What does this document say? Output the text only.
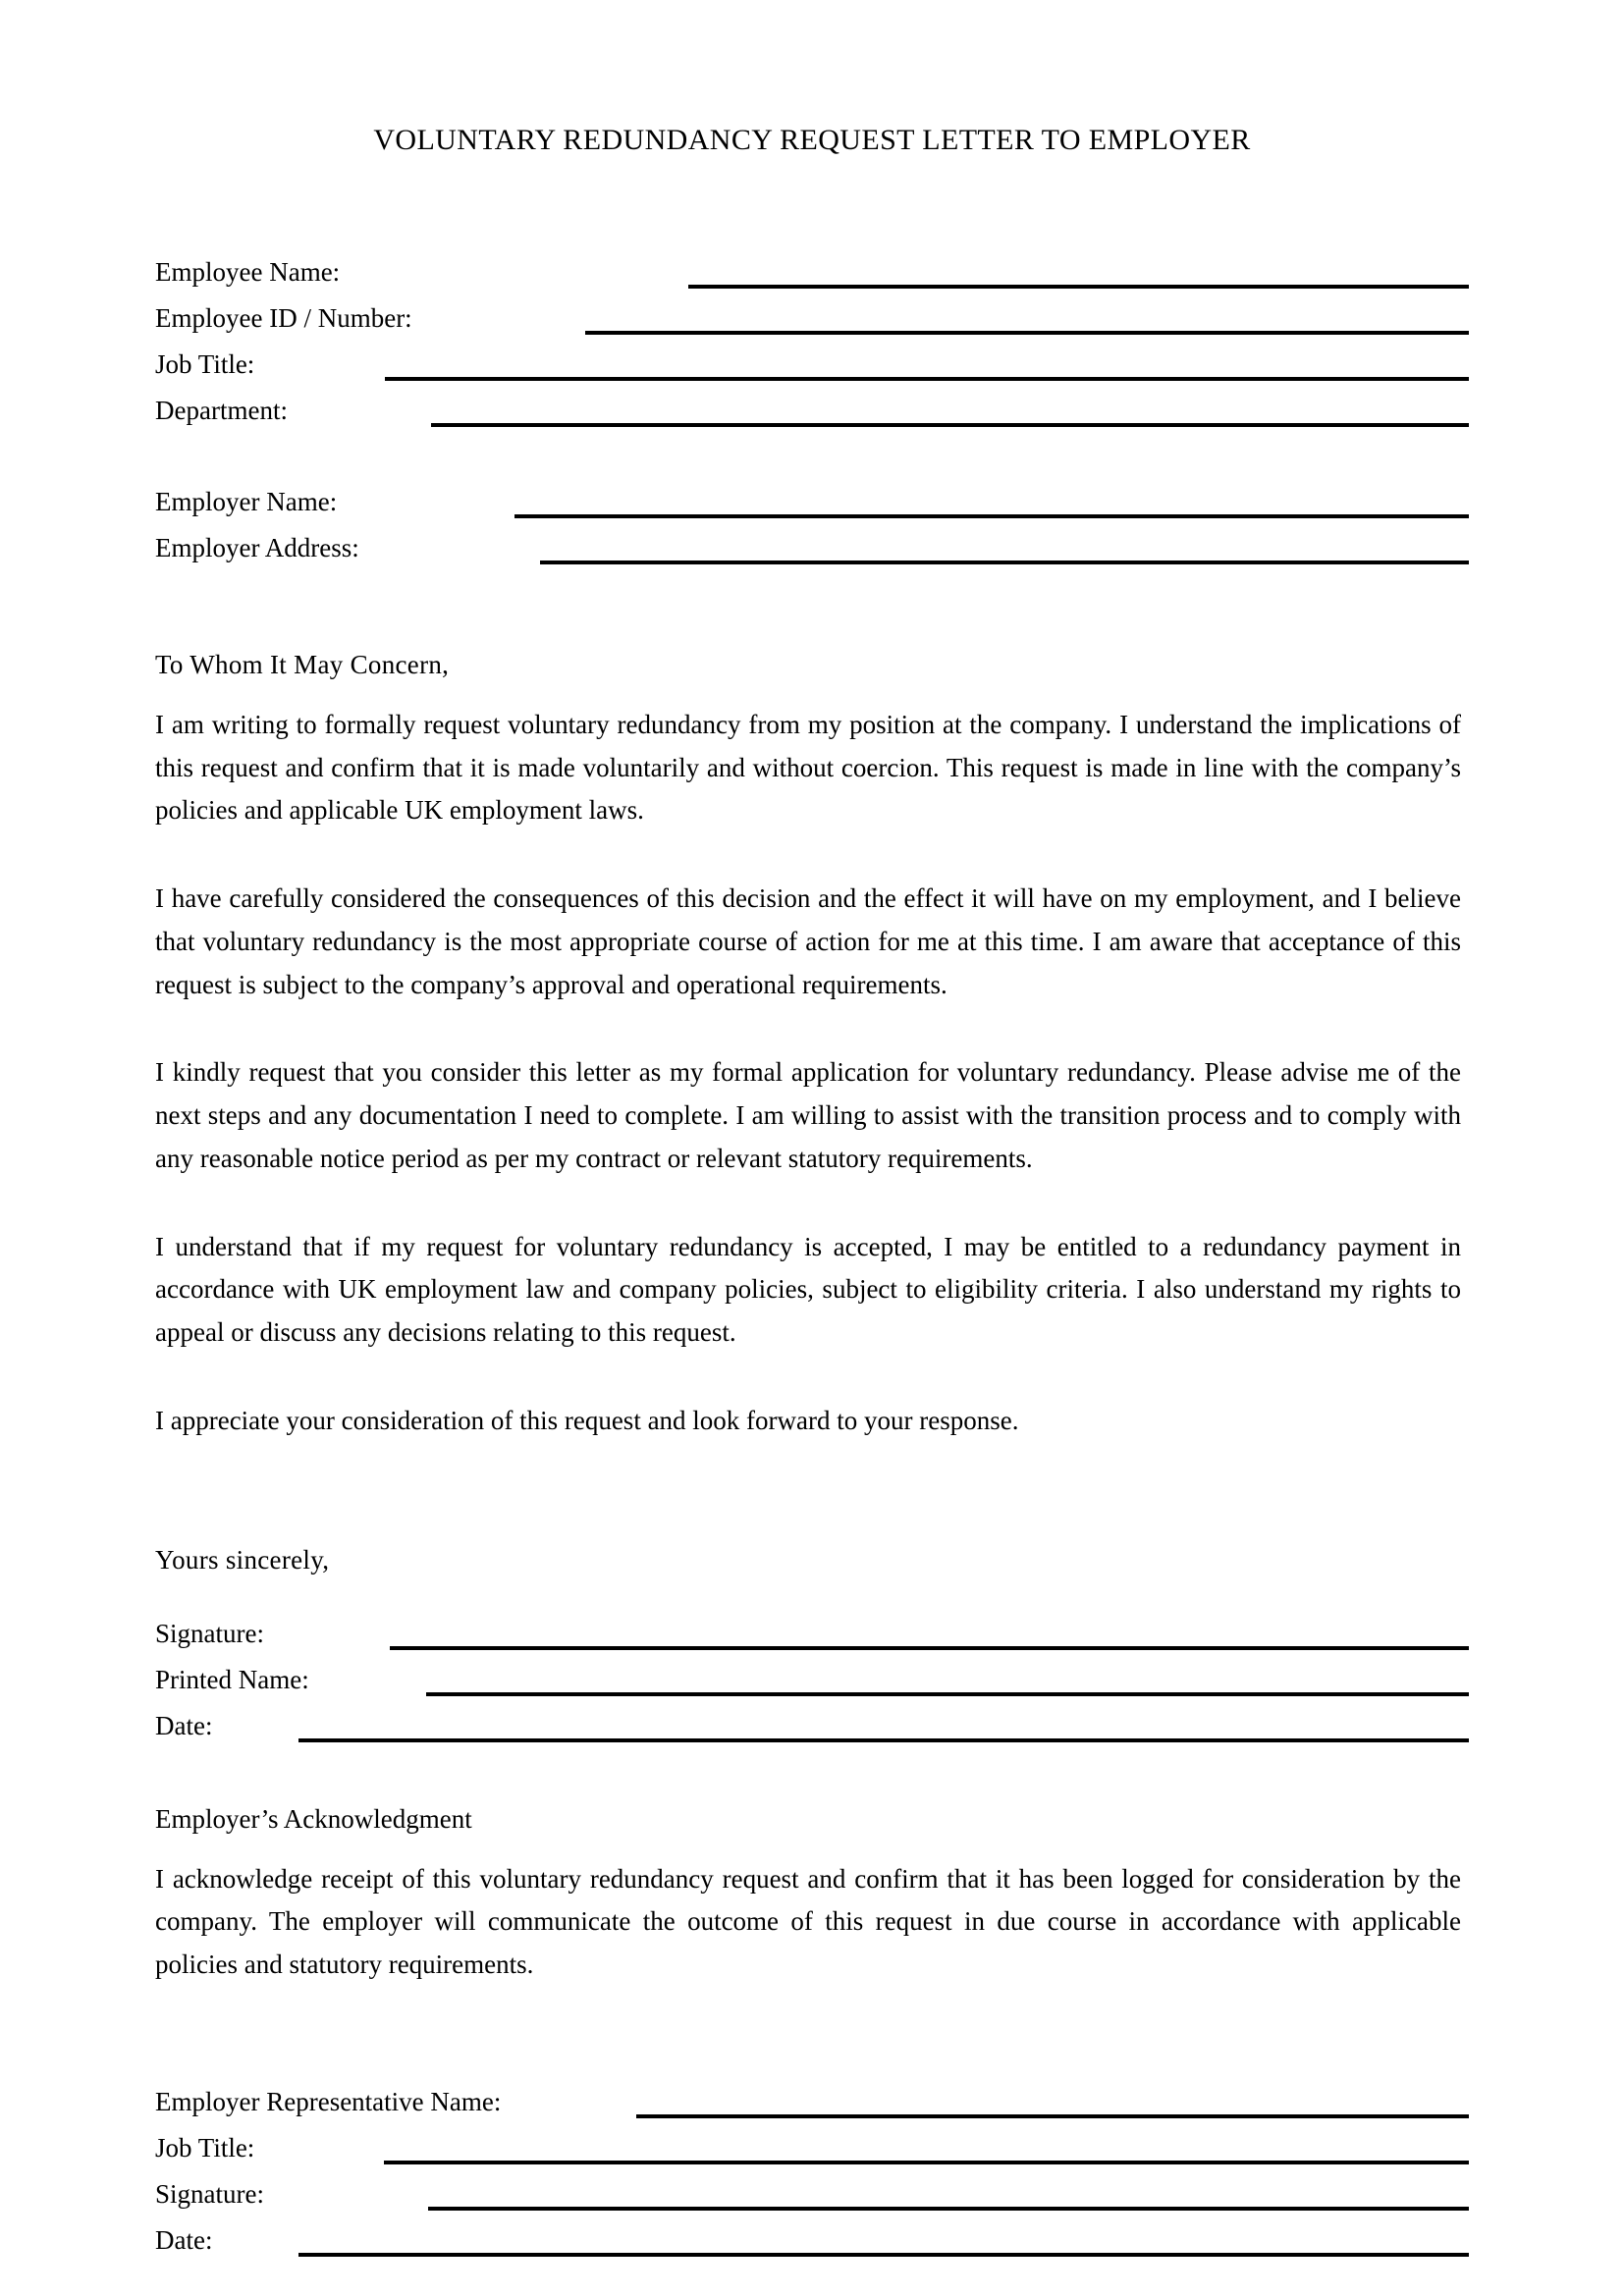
VOLUNTARY REDUNDANCY REQUEST LETTER TO EMPLOYER
Employee Name:
Employee ID / Number:
Job Title:
Department:
Employer Name:
Employer Address:

To Whom It May Concern,

I am writing to formally request voluntary redundancy from my position at the company. I understand the implications of this request and confirm that it is made voluntarily and without coercion. This request is made in line with the company’s policies and applicable UK employment laws.

I have carefully considered the consequences of this decision and the effect it will have on my employment, and I believe that voluntary redundancy is the most appropriate course of action for me at this time. I am aware that acceptance of this request is subject to the company’s approval and operational requirements.

I kindly request that you consider this letter as my formal application for voluntary redundancy. Please advise me of the next steps and any documentation I need to complete. I am willing to assist with the transition process and to comply with any reasonable notice period as per my contract or relevant statutory requirements.

I understand that if my request for voluntary redundancy is accepted, I may be entitled to a redundancy payment in accordance with UK employment law and company policies, subject to eligibility criteria. I also understand my rights to appeal or discuss any decisions relating to this request.

I appreciate your consideration of this request and look forward to your response.

Yours sincerely,

Signature:
Printed Name:
Date:
Employer’s Acknowledgment

I acknowledge receipt of this voluntary redundancy request and confirm that it has been logged for consideration by the company. The employer will communicate the outcome of this request in due course in accordance with applicable policies and statutory requirements.

Employer Representative Name:
Job Title:
Signature:
Date:
